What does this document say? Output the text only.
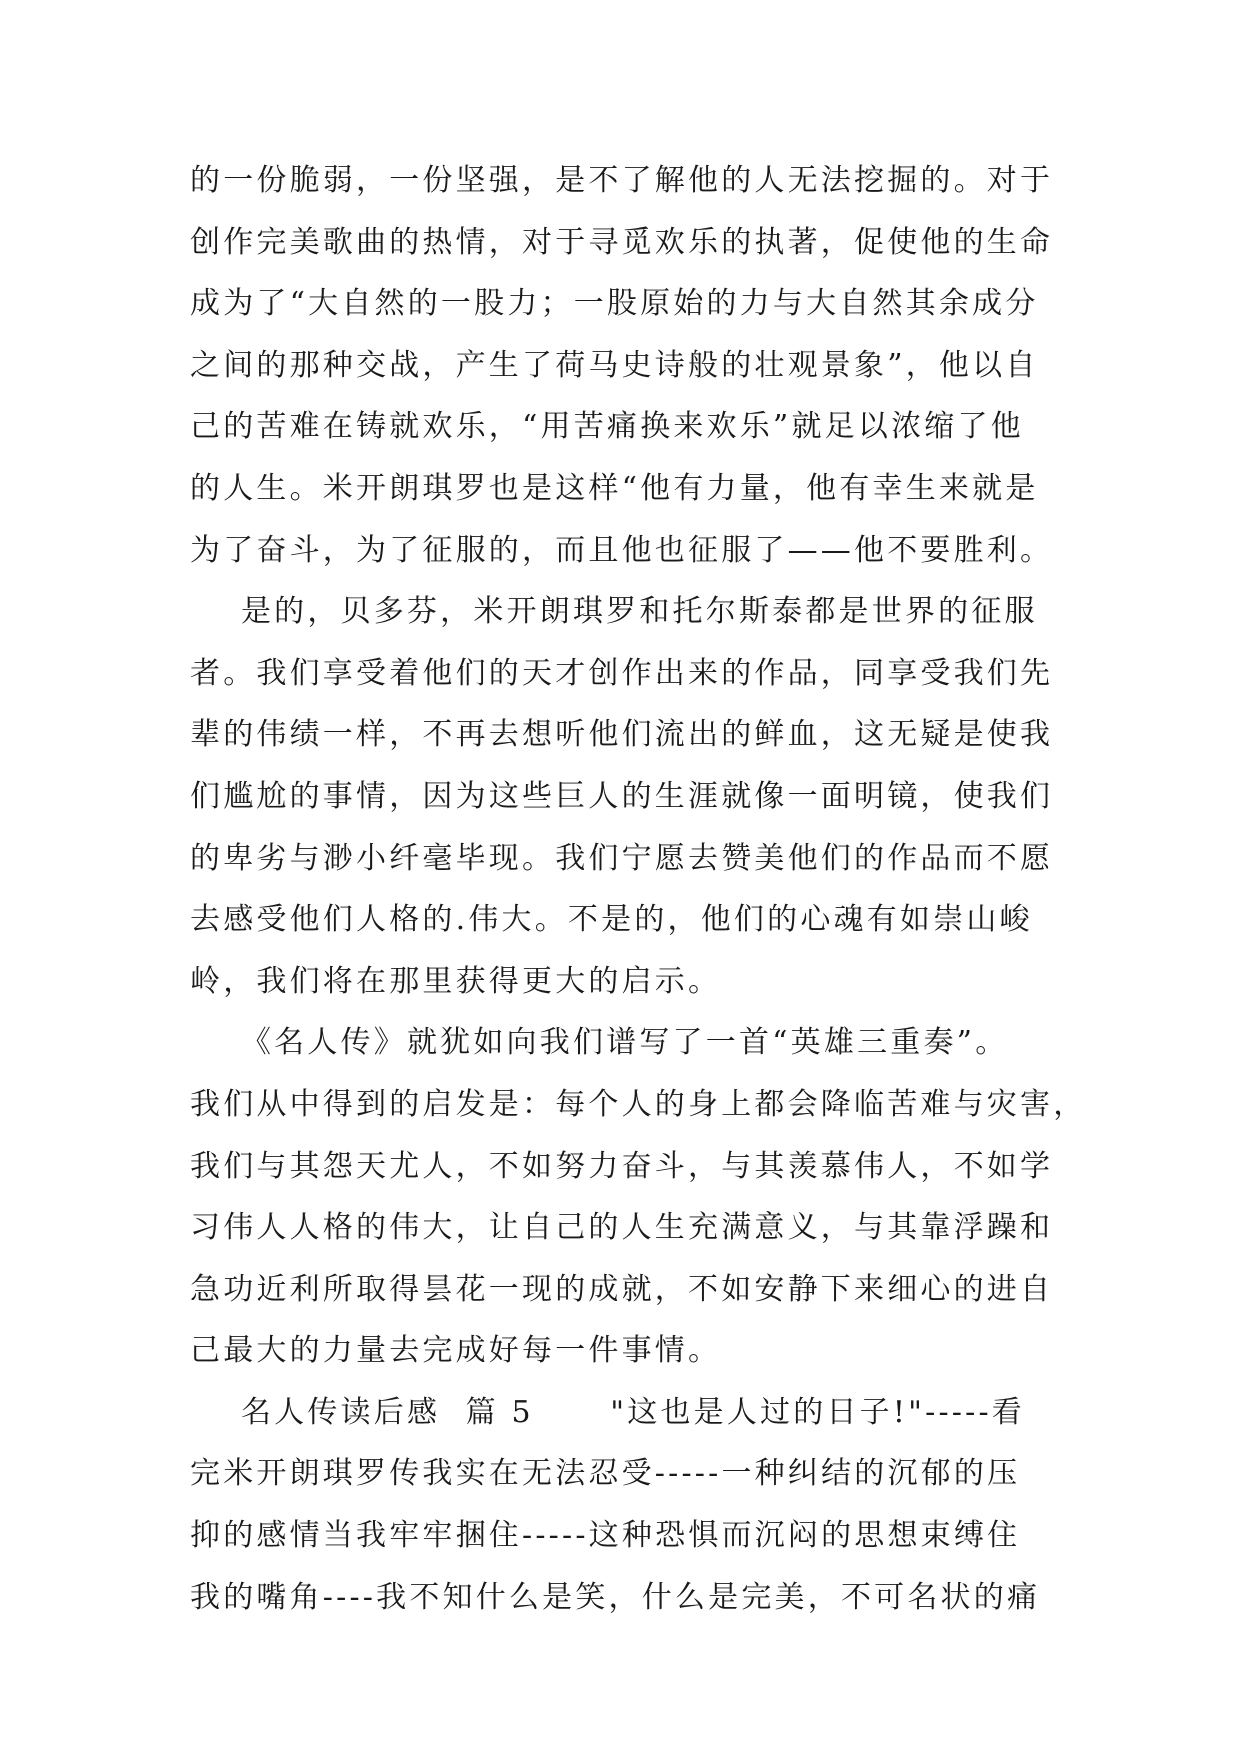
的一份脆弱，一份坚强，是不了解他的人无法挖掘的。对于
创作完美歌曲的热情，对于寻觅欢乐的执著，促使他的生命
成为了“大自然的一股力；一股原始的力与大自然其余成分
之间的那种交战，产生了荷马史诗般的壮观景象”，他以自
己的苦难在铸就欢乐，“用苦痛换来欢乐”就足以浓缩了他
的人生。米开朗琪罗也是这样“他有力量，他有幸生来就是
为了奋斗，为了征服的，而且他也征服了——他不要胜利。
是的，贝多芬，米开朗琪罗和托尔斯泰都是世界的征服
者。我们享受着他们的天才创作出来的作品，同享受我们先
辈的伟绩一样，不再去想听他们流出的鲜血，这无疑是使我
们尴尬的事情，因为这些巨人的生涯就像一面明镜，使我们
的卑劣与渺小纤毫毕现。我们宁愿去赞美他们的作品而不愿
去感受他们人格的.伟大。不是的，他们的心魂有如崇山峻
岭，我们将在那里获得更大的启示。
《名人传》就犹如向我们谱写了一首“英雄三重奏”。
我们从中得到的启发是：每个人的身上都会降临苦难与灾害，
我们与其怨天尤人，不如努力奋斗，与其羡慕伟人，不如学
习伟人人格的伟大，让自己的人生充满意义，与其靠浮躁和
急功近利所取得昙花一现的成就，不如安静下来细心的进自
己最大的力量去完成好每一件事情。
名人传读后感  篇 5      "这也是人过的日子!"-----看
完米开朗琪罗传我实在无法忍受-----一种纠结的沉郁的压
抑的感情当我牢牢捆住-----这种恐惧而沉闷的思想束缚住
我的嘴角----我不知什么是笑，什么是完美，不可名状的痛
